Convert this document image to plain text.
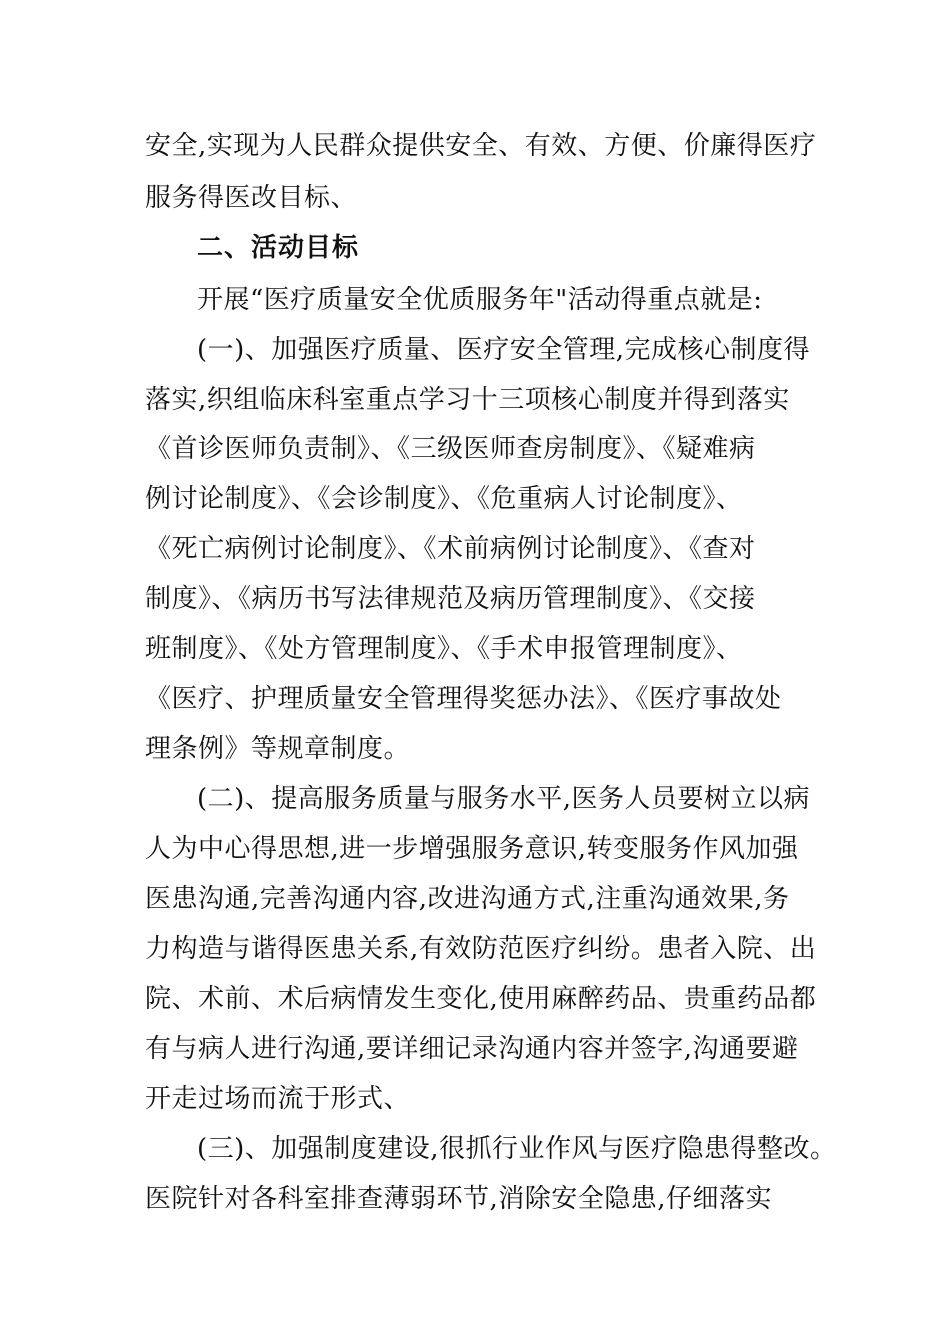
安全,实现为人民群众提供安全、有效、方便、价廉得医疗
服务得医改目标、
二、活动目标
开展“医疗质量安全优质服务年"活动得重点就是:
(一)、加强医疗质量、医疗安全管理,完成核心制度得
落实,织组临床科室重点学习十三项核心制度并得到落实
《首诊医师负责制》、《三级医师查房制度》、《疑难病
例讨论制度》、《会诊制度》、《危重病人讨论制度》、
《死亡病例讨论制度》、《术前病例讨论制度》、《查对
制度》、《病历书写法律规范及病历管理制度》、《交接
班制度》、《处方管理制度》、《手术申报管理制度》、
《医疗、护理质量安全管理得奖惩办法》、《医疗事故处
理条例》等规章制度。
(二)、提高服务质量与服务水平,医务人员要树立以病
人为中心得思想,进一步增强服务意识,转变服务作风加强
医患沟通,完善沟通内容,改进沟通方式,注重沟通效果,务
力构造与谐得医患关系,有效防范医疗纠纷。患者入院、出
院、术前、术后病情发生变化,使用麻醉药品、贵重药品都
有与病人进行沟通,要详细记录沟通内容并签字,沟通要避
开走过场而流于形式、
(三)、加强制度建设,很抓行业作风与医疗隐患得整改。
医院针对各科室排查薄弱环节,消除安全隐患,仔细落实
